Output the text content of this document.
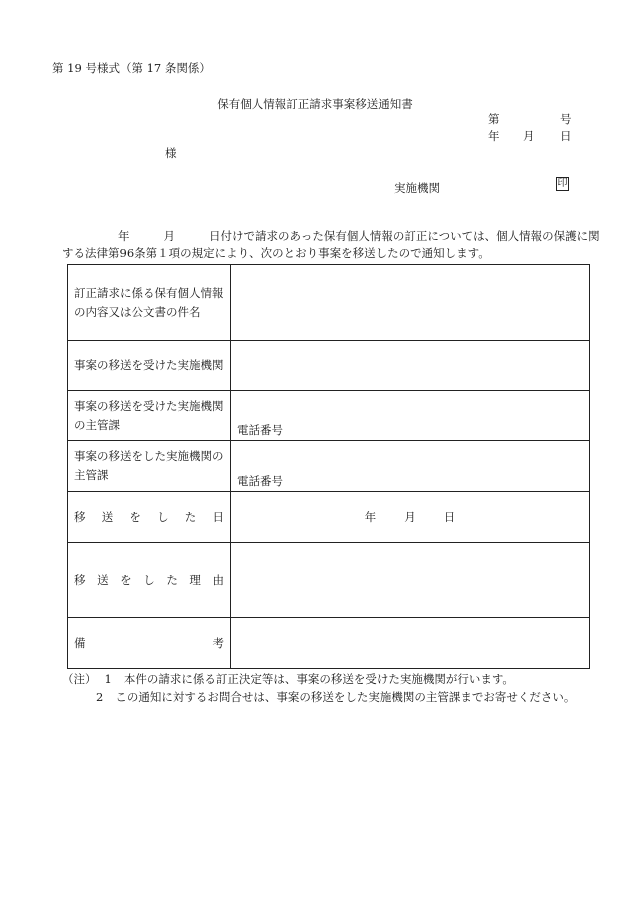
第 19 号様式（第 17 条関係）
保有個人情報訂正請求事案移送通知書
第	号
年 月 日
様
実施機関	印
年	月	日付けで請求のあった保有個人情報の訂正については、個人情報の保護に関
する法律第96条第１項の規定により、次のとおり事案を移送したので通知します。
訂正請求に係る保有個人情報の内容又は公文書の件名	
事案の移送を受けた実施機関	
事案の移送を受けた実施機関の主管課	電話番号

事案の移送をした実施機関の主管課	電話番号

移送をした日	年 月 日
移送をした理由	
備考	
（注） 1 本件の請求に係る訂正決定等は、事案の移送を受けた実施機関が行います。
2 この通知に対するお問合せは、事案の移送をした実施機関の主管課までお寄せください。
